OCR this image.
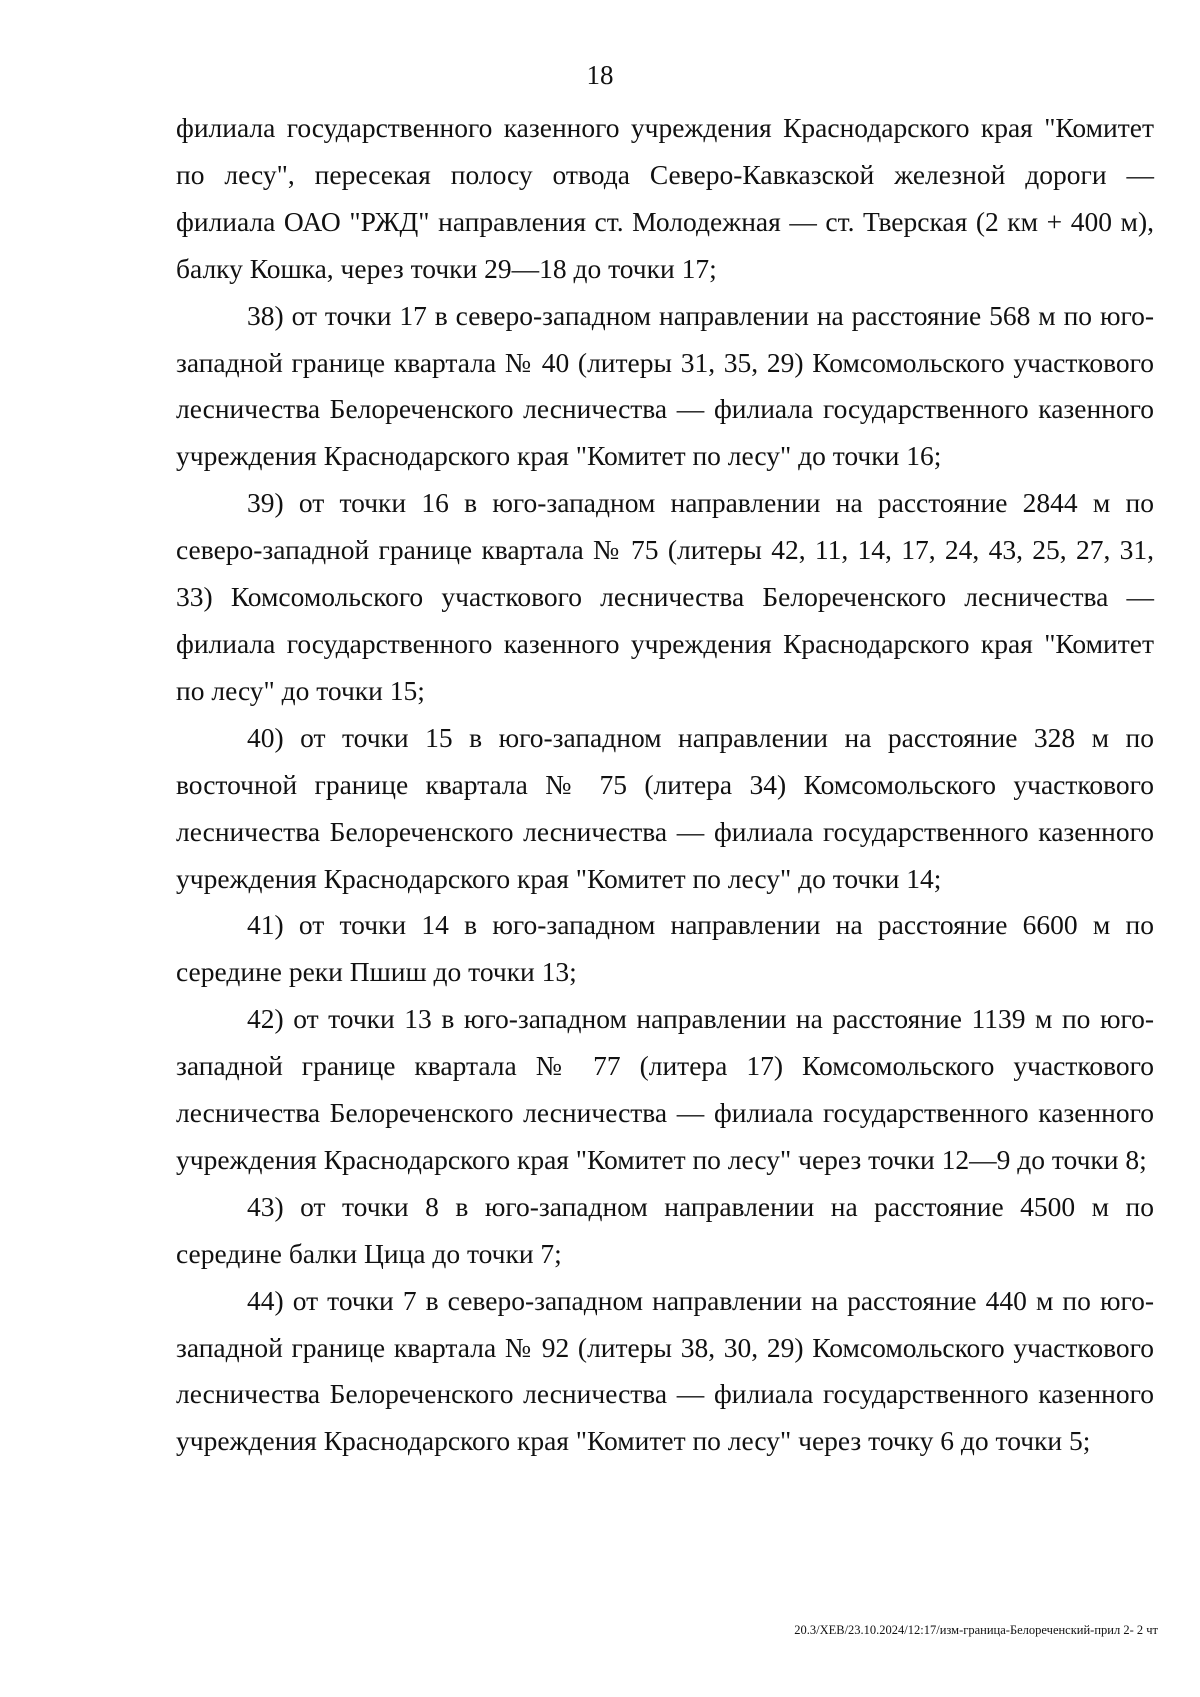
18

филиала государственного казенного учреждения Краснодарского края "Комитет по лесу", пересекая полосу отвода Северо-Кавказской железной дороги — филиала ОАО "РЖД" направления ст. Молодежная — ст. Тверская (2 км + 400 м), балку Кошка, через точки 29—18 до точки 17;

38) от точки 17 в северо-западном направлении на расстояние 568 м по юго-западной границе квартала № 40 (литеры 31, 35, 29) Комсомольского участкового лесничества Белореченского лесничества — филиала государственного казенного учреждения Краснодарского края "Комитет по лесу" до точки 16;

39) от точки 16 в юго-западном направлении на расстояние 2844 м по северо-западной границе квартала № 75 (литеры 42, 11, 14, 17, 24, 43, 25, 27, 31, 33) Комсомольского участкового лесничества Белореченского лесничества — филиала государственного казенного учреждения Краснодарского края "Комитет по лесу" до точки 15;

40) от точки 15 в юго-западном направлении на расстояние 328 м по восточной границе квартала № 75 (литера 34) Комсомольского участкового лесничества Белореченского лесничества — филиала государственного казенного учреждения Краснодарского края "Комитет по лесу" до точки 14;

41) от точки 14 в юго-западном направлении на расстояние 6600 м по середине реки Пшиш до точки 13;

42) от точки 13 в юго-западном направлении на расстояние 1139 м по юго-западной границе квартала № 77 (литера 17) Комсомольского участкового лесничества Белореченского лесничества — филиала государственного казенного учреждения Краснодарского края "Комитет по лесу" через точки 12—9 до точки 8;

43) от точки 8 в юго-западном направлении на расстояние 4500 м по середине балки Цица до точки 7;

44) от точки 7 в северо-западном направлении на расстояние 440 м по юго-западной границе квартала № 92 (литеры 38, 30, 29) Комсомольского участкового лесничества Белореченского лесничества — филиала государственного казенного учреждения Краснодарского края "Комитет по лесу" через точку 6 до точки 5;

20.3/ХЕВ/23.10.2024/12:17/изм-граница-Белореченский-прил 2- 2 чт
